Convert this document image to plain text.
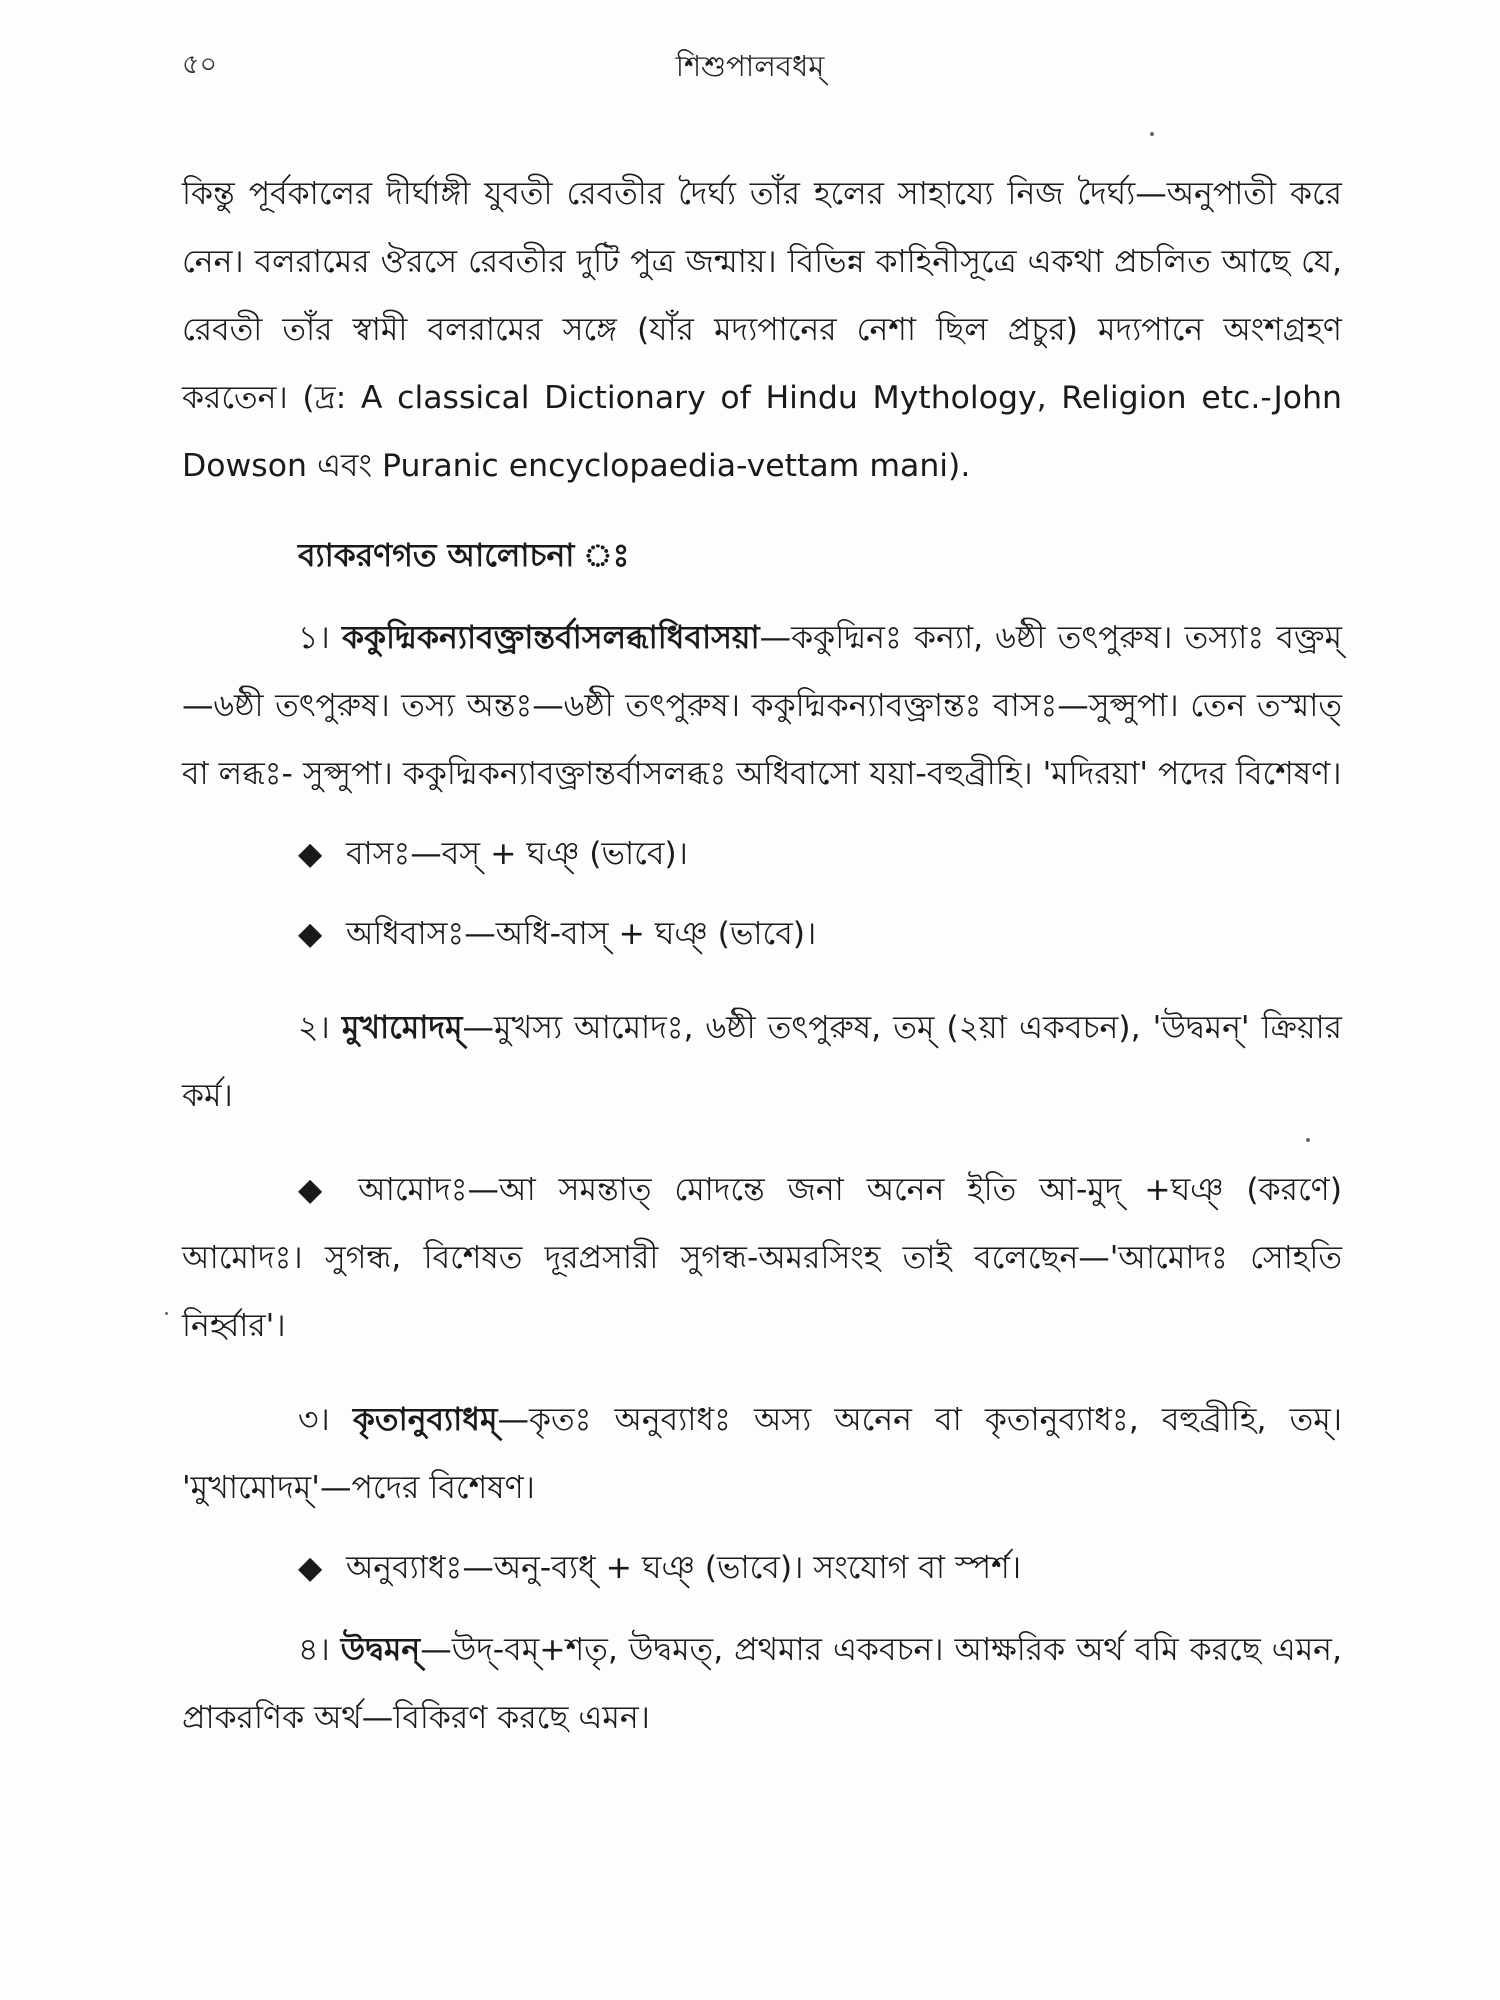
৫০	শিশুপালবধম্

কিন্তু পূর্বকালের দীর্ঘাঙ্গী যুবতী রেবতীর দৈর্ঘ্য তাঁর হলের সাহায্যে নিজ দৈর্ঘ্য—অনুপাতী করে নেন। বলরামের ঔরসে রেবতীর দুটি পুত্র জন্মায়। বিভিন্ন কাহিনীসূত্রে একথা প্রচলিত আছে যে, রেবতী তাঁর স্বামী বলরামের সঙ্গে (যাঁর মদ্যপানের নেশা ছিল প্রচুর) মদ্যপানে অংশগ্রহণ করতেন। (দ্র: A classical Dictionary of Hindu Mythology, Religion etc.-John Dowson এবং Puranic encyclopaedia-vettam mani).

ব্যাকরণগত আলোচনা ঃ

১। ককুদ্মিকন্যাবক্ত্রান্তর্বাসলব্ধাধিবাসয়া—ককুদ্মিনঃ কন্যা, ৬ষ্ঠী তৎপুরুষ। তস্যাঃ বক্ত্রম্—৬ষ্ঠী তৎপুরুষ। তস্য অন্তঃ—৬ষ্ঠী তৎপুরুষ। ককুদ্মিকন্যাবক্ত্রান্তঃ বাসঃ—সুপ্সুপা। তেন তস্মাত্ বা লব্ধঃ- সুপ্সুপা। ককুদ্মিকন্যাবক্ত্রান্তর্বাসলব্ধঃ অধিবাসো যয়া-বহুব্রীহি। 'মদিরয়া' পদের বিশেষণ।

◆ বাসঃ—বস্ + ঘঞ্ (ভাবে)।
◆ অধিবাসঃ—অধি-বাস্ + ঘঞ্ (ভাবে)।

২। মুখামোদম্—মুখস্য আমোদঃ, ৬ষ্ঠী তৎপুরুষ, তম্ (২য়া একবচন), 'উদ্বমন্' ক্রিয়ার কর্ম।

◆ আমোদঃ—আ সমন্তাত্ মোদন্তে জনা অনেন ইতি আ-মুদ্ +ঘঞ্ (করণে) আমোদঃ। সুগন্ধ, বিশেষত দূরপ্রসারী সুগন্ধ-অমরসিংহ তাই বলেছেন—'আমোদঃ সোহতি নির্হ্বার'।

৩। কৃতানুব্যাধম্—কৃতঃ অনুব্যাধঃ অস্য অনেন বা কৃতানুব্যাধঃ, বহুব্রীহি, তম্। 'মুখামোদম্'—পদের বিশেষণ।

◆ অনুব্যাধঃ—অনু-ব্যধ্ + ঘঞ্ (ভাবে)। সংযোগ বা স্পর্শ।

৪। উদ্বমন্—উদ্-বম্+শতৃ, উদ্বমত্, প্রথমার একবচন। আক্ষরিক অর্থ বমি করছে এমন, প্রাকরণিক অর্থ—বিকিরণ করছে এমন।
